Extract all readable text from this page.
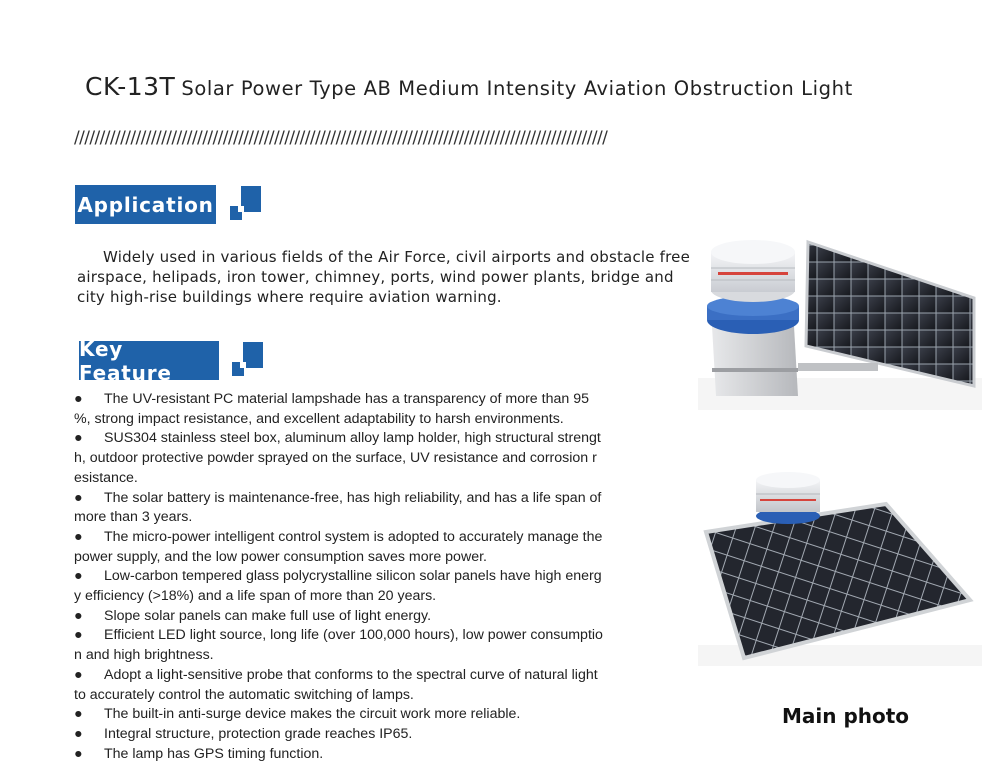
CK-13T Solar Power Type AB Medium Intensity Aviation Obstruction Light
////////////////////////////////////////////////////////////////////////////////////////////////////////
Application

Widely used in various fields of the Air Force, civil airports and obstacle free airspace, helipads, iron tower, chimney, ports, wind power plants, bridge and city high-rise buildings where require aviation warning.

Key Feature
● The UV-resistant PC material lampshade has a transparency of more than 95 %, strong impact resistance, and excellent adaptability to harsh environments.
● SUS304 stainless steel box, aluminum alloy lamp holder, high structural strength, outdoor protective powder sprayed on the surface, UV resistance and corrosion resistance.
● The solar battery is maintenance-free, has high reliability, and has a life span of more than 3 years.
● The micro-power intelligent control system is adopted to accurately manage the power supply, and the low power consumption saves more power.
● Low-carbon tempered glass polycrystalline silicon solar panels have high energy efficiency (>18%) and a life span of more than 20 years.
● Slope solar panels can make full use of light energy.
● Efficient LED light source, long life (over 100,000 hours), low power consumption and high brightness.
● Adopt a light-sensitive probe that conforms to the spectral curve of natural light to accurately control the automatic switching of lamps.
● The built-in anti-surge device makes the circuit work more reliable.
● Integral structure, protection grade reaches IP65.
● The lamp has GPS timing function.
Main photo
